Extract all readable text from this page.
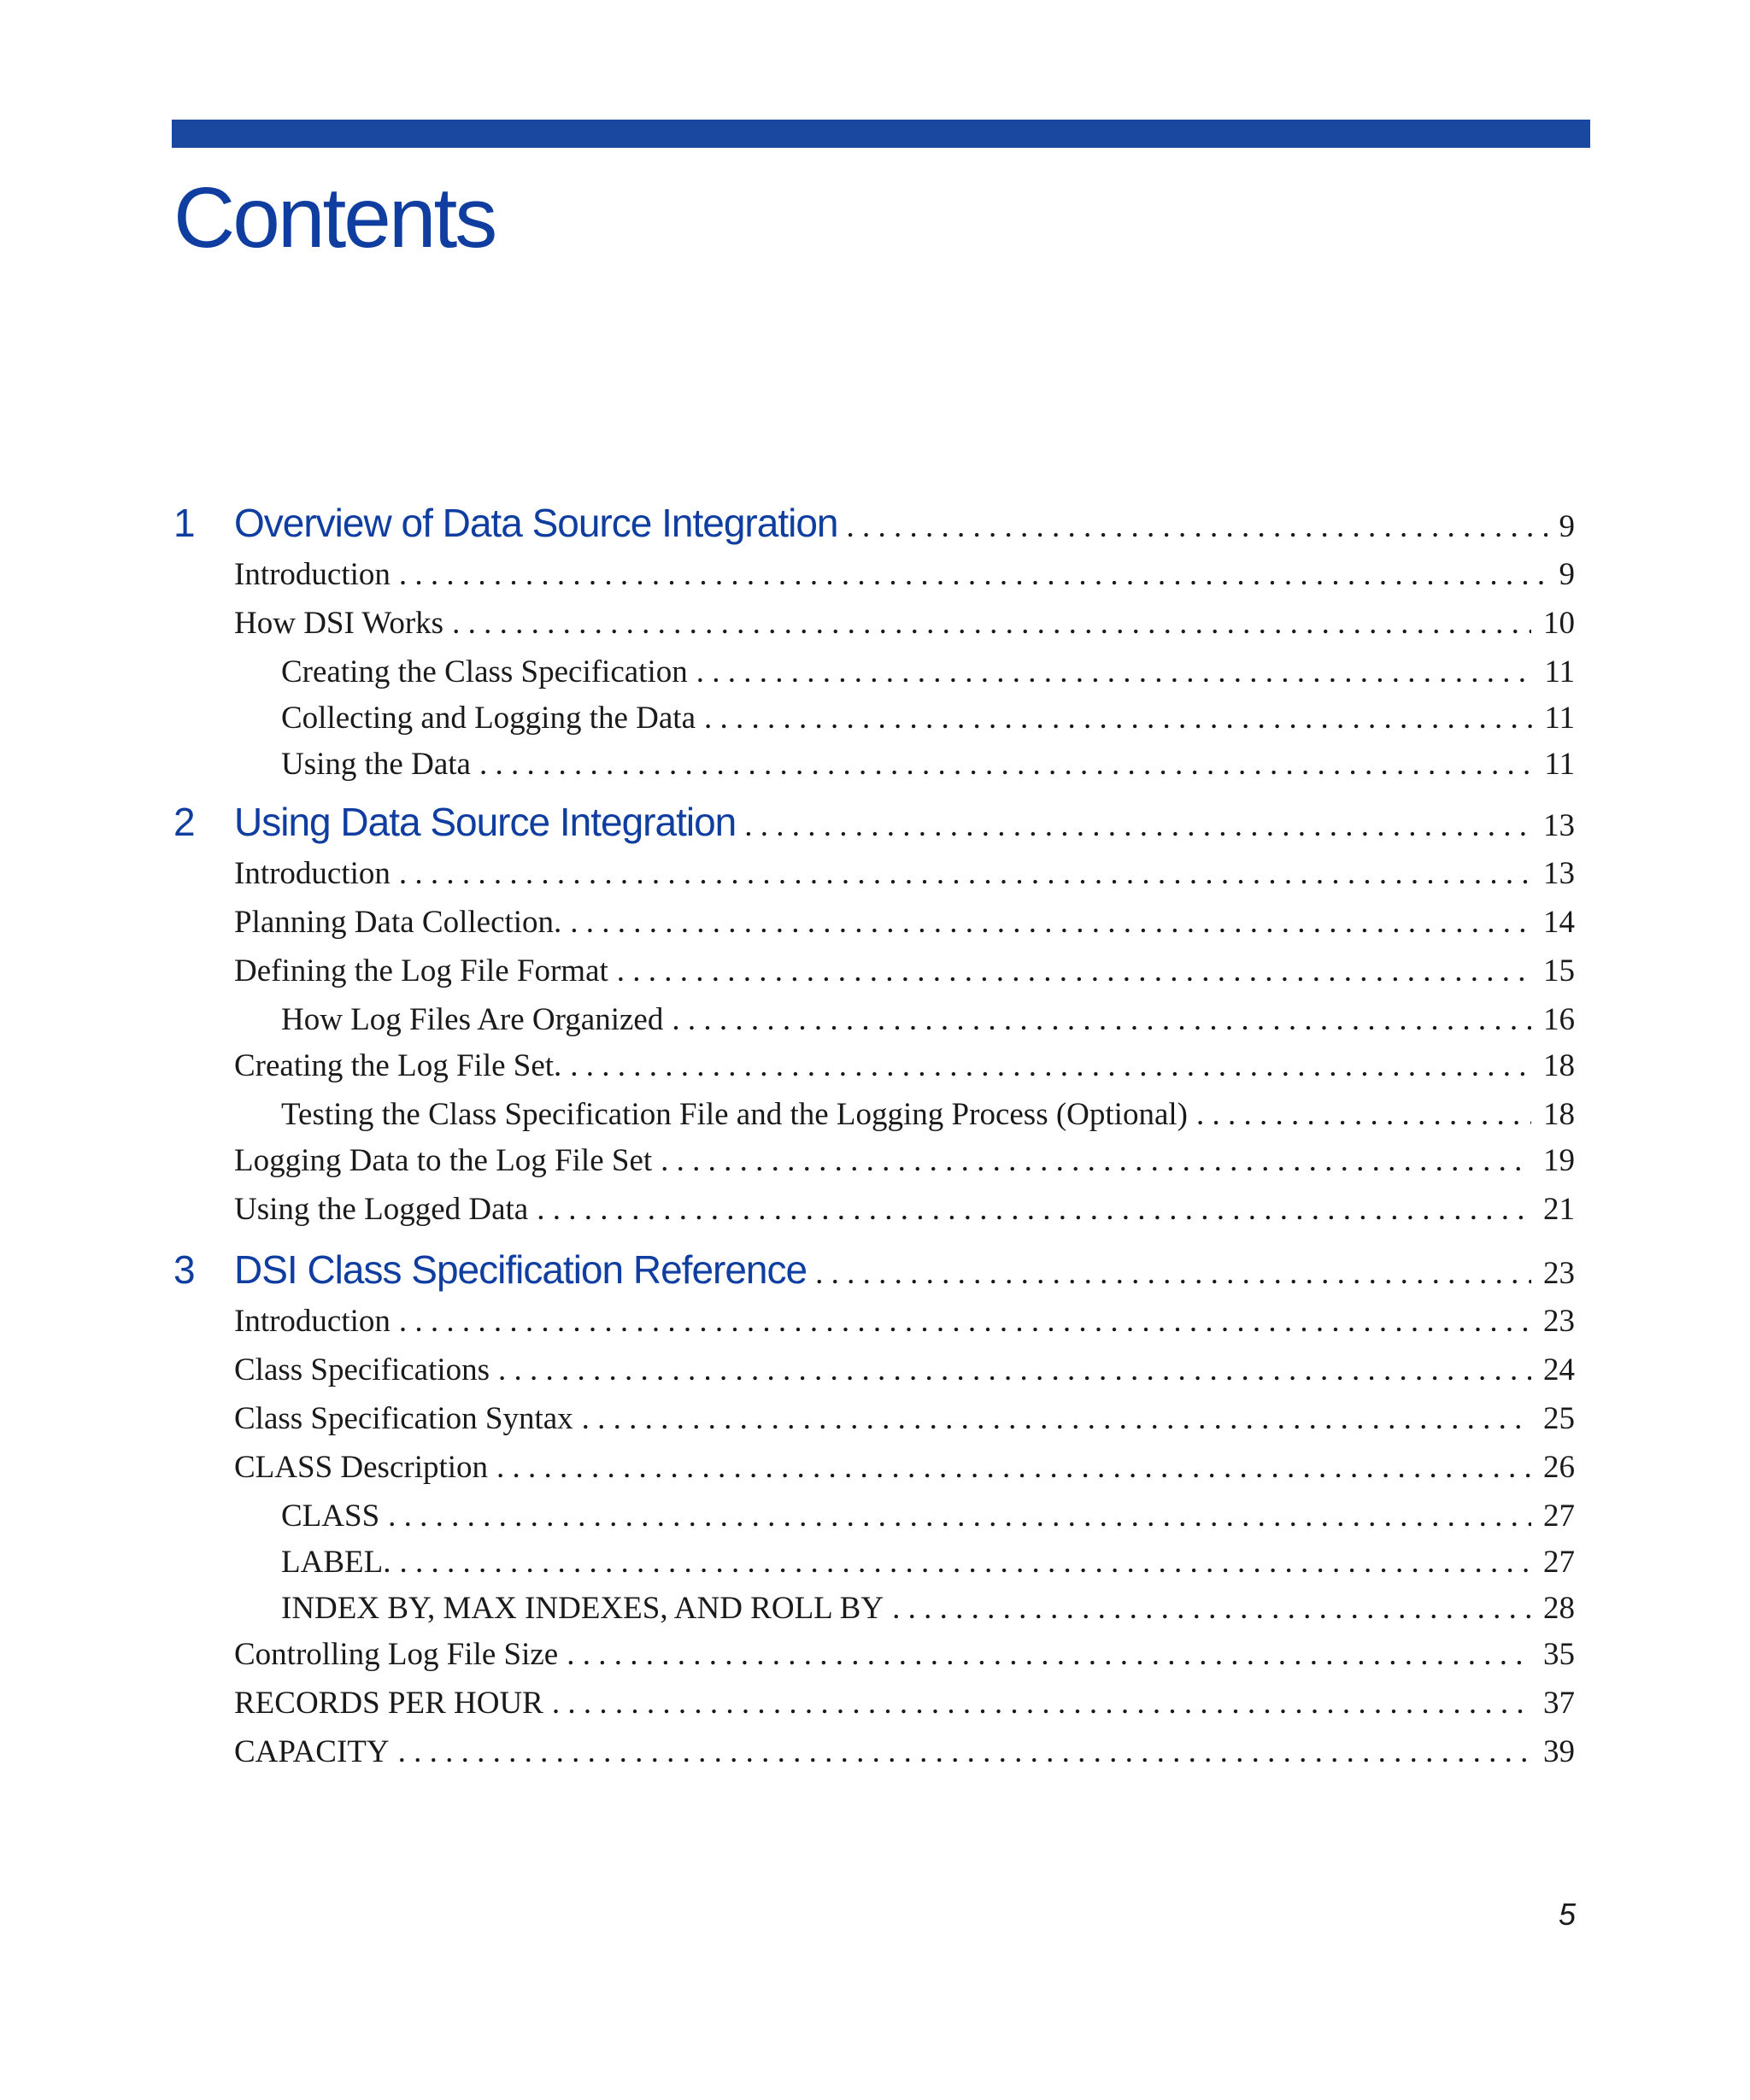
Contents
1	Overview of Data Source Integration . . .	9
Introduction . . .	9
How DSI Works . . .	10
Creating the Class Specification . . .	11
Collecting and Logging the Data . . .	11
Using the Data . . .	11
2	Using Data Source Integration . . .	13
Introduction . . .	13
Planning Data Collection. . . .	14
Defining the Log File Format . . .	15
How Log Files Are Organized . . .	16
Creating the Log File Set. . . .	18
Testing the Class Specification File and the Logging Process (Optional) . . .	18
Logging Data to the Log File Set . . .	19
Using the Logged Data . . .	21
3	DSI Class Specification Reference . . .	23
Introduction . . .	23
Class Specifications . . .	24
Class Specification Syntax . . .	25
CLASS Description . . .	26
CLASS . . .	27
LABEL. . . .	27
INDEX BY, MAX INDEXES, AND ROLL BY . . .	28
Controlling Log File Size . . .	35
RECORDS PER HOUR . . .	37
CAPACITY . . .	39
5
